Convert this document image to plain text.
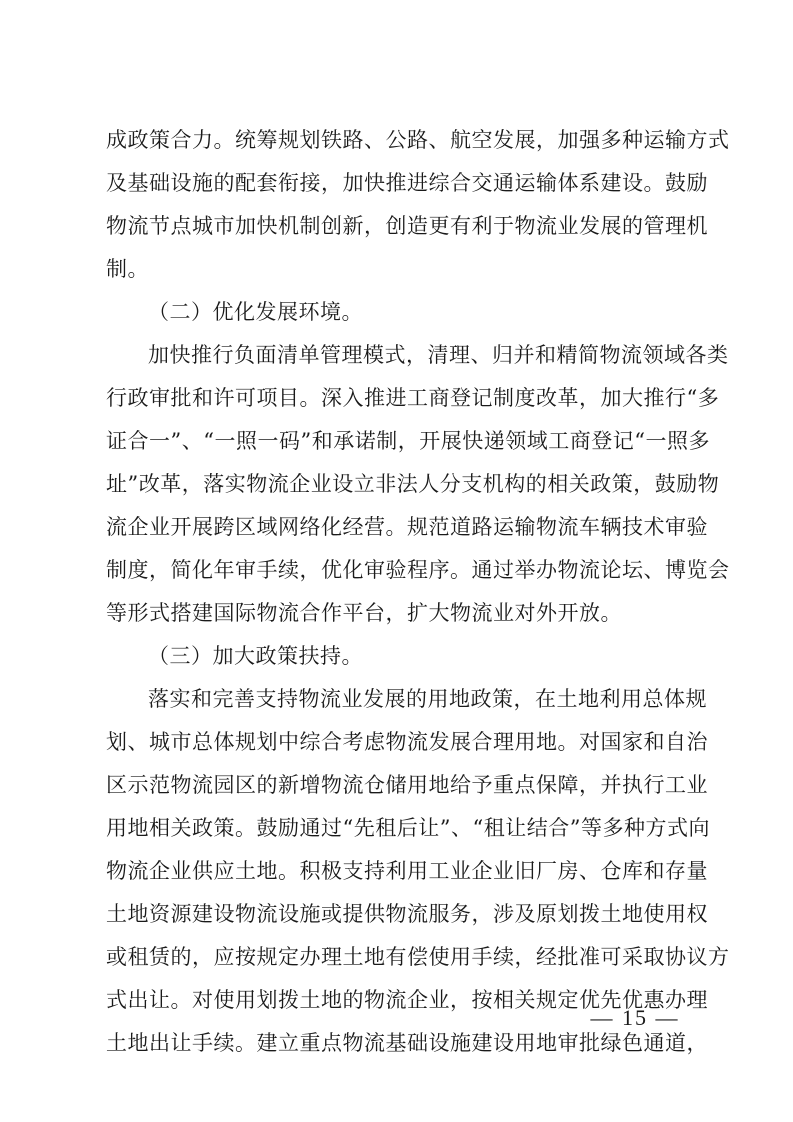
成政策合力。统筹规划铁路、公路、航空发展，加强多种运输方式
及基础设施的配套衔接，加快推进综合交通运输体系建设。鼓励
物流节点城市加快机制创新，创造更有利于物流业发展的管理机
制。
（二）优化发展环境。
加快推行负面清单管理模式，清理、归并和精简物流领域各类
行政审批和许可项目。深入推进工商登记制度改革，加大推行“多
证合一”、“一照一码”和承诺制，开展快递领域工商登记“一照多
址”改革，落实物流企业设立非法人分支机构的相关政策，鼓励物
流企业开展跨区域网络化经营。规范道路运输物流车辆技术审验
制度，简化年审手续，优化审验程序。通过举办物流论坛、博览会
等形式搭建国际物流合作平台，扩大物流业对外开放。
（三）加大政策扶持。
落实和完善支持物流业发展的用地政策，在土地利用总体规
划、城市总体规划中综合考虑物流发展合理用地。对国家和自治
区示范物流园区的新增物流仓储用地给予重点保障，并执行工业
用地相关政策。鼓励通过“先租后让”、“租让结合”等多种方式向
物流企业供应土地。积极支持利用工业企业旧厂房、仓库和存量
土地资源建设物流设施或提供物流服务，涉及原划拨土地使用权
或租赁的，应按规定办理土地有偿使用手续，经批准可采取协议方
式出让。对使用划拨土地的物流企业，按相关规定优先优惠办理
土地出让手续。建立重点物流基础设施建设用地审批绿色通道，
— 15 —
